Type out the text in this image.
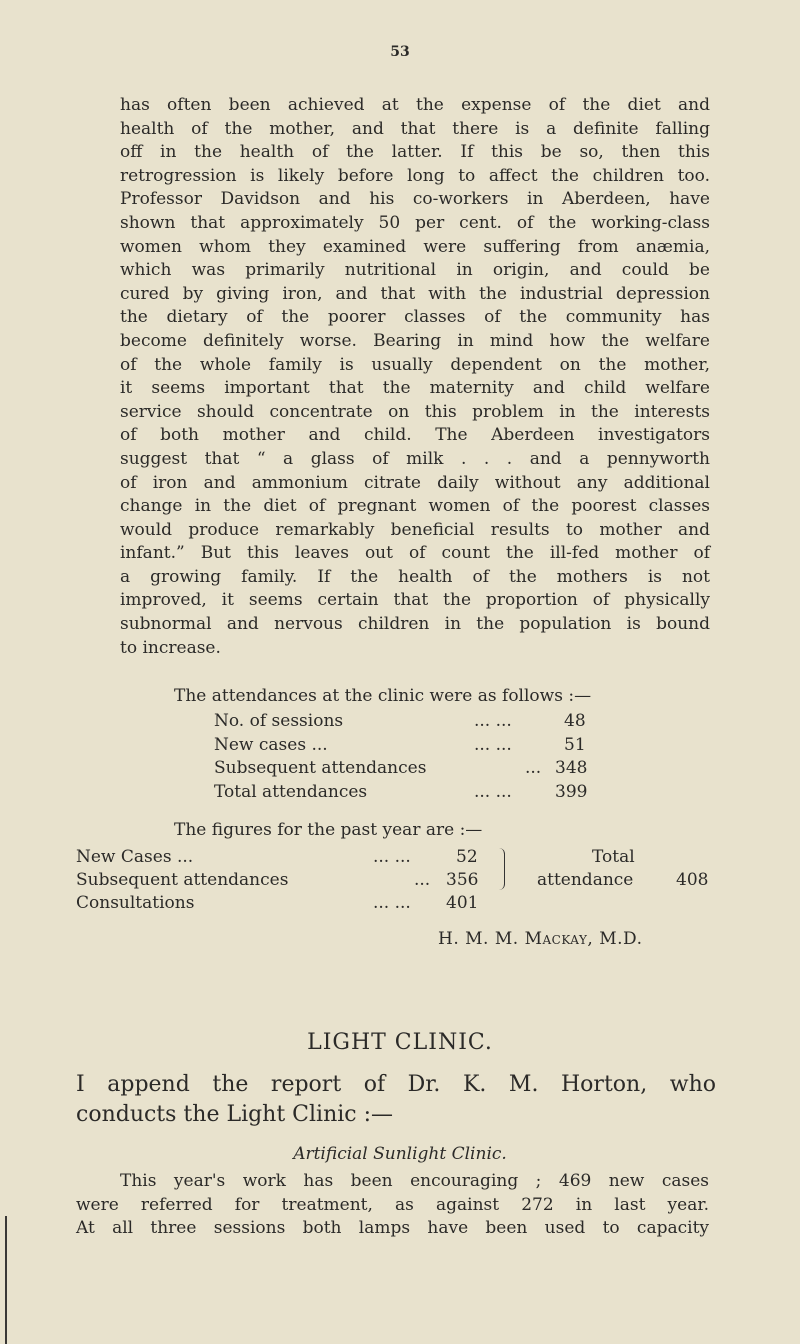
53
has often been achieved at the expense of the diet and
health of the mother, and that there is a definite falling
off in the health of the latter. If this be so, then this
retrogression is likely before long to affect the children too.
Professor Davidson and his co-workers in Aberdeen, have
shown that approximately 50 per cent. of the working-class
women whom they examined were suffering from anæmia,
which was primarily nutritional in origin, and could be
cured by giving iron, and that with the industrial depression
the dietary of the poorer classes of the community has
become definitely worse. Bearing in mind how the welfare
of the whole family is usually dependent on the mother,
it seems important that the maternity and child welfare
service should concentrate on this problem in the interests
of both mother and child. The Aberdeen investigators
suggest that “ a glass of milk . . . and a pennyworth
of iron and ammonium citrate daily without any additional
change in the diet of pregnant women of the poorest classes
would produce remarkably beneficial results to mother and
infant.” But this leaves out of count the ill-fed mother of
a growing family. If the health of the mothers is not
improved, it seems certain that the proportion of physically
subnormal and nervous children in the population is bound
to increase.

The attendances at the clinic were as follows :—

No. of sessions	... ...	48
New cases ...	... ...	51
Subsequent attendances	... 348
Total attendances	... ...	399

The figures for the past year are :—

New Cases ...	... ...	52
Subsequent attendances	... 356
Consultations	... ... 401
Total
attendance	408
H. M. M. Mackay, M.D.
LIGHT CLINIC.
I append the report of Dr. K. M. Horton, who
conducts the Light Clinic :—

Artificial Sunlight Clinic.

This year's work has been encouraging ; 469 new cases
were referred for treatment, as against 272 in last year.
At all three sessions both lamps have been used to capacity
